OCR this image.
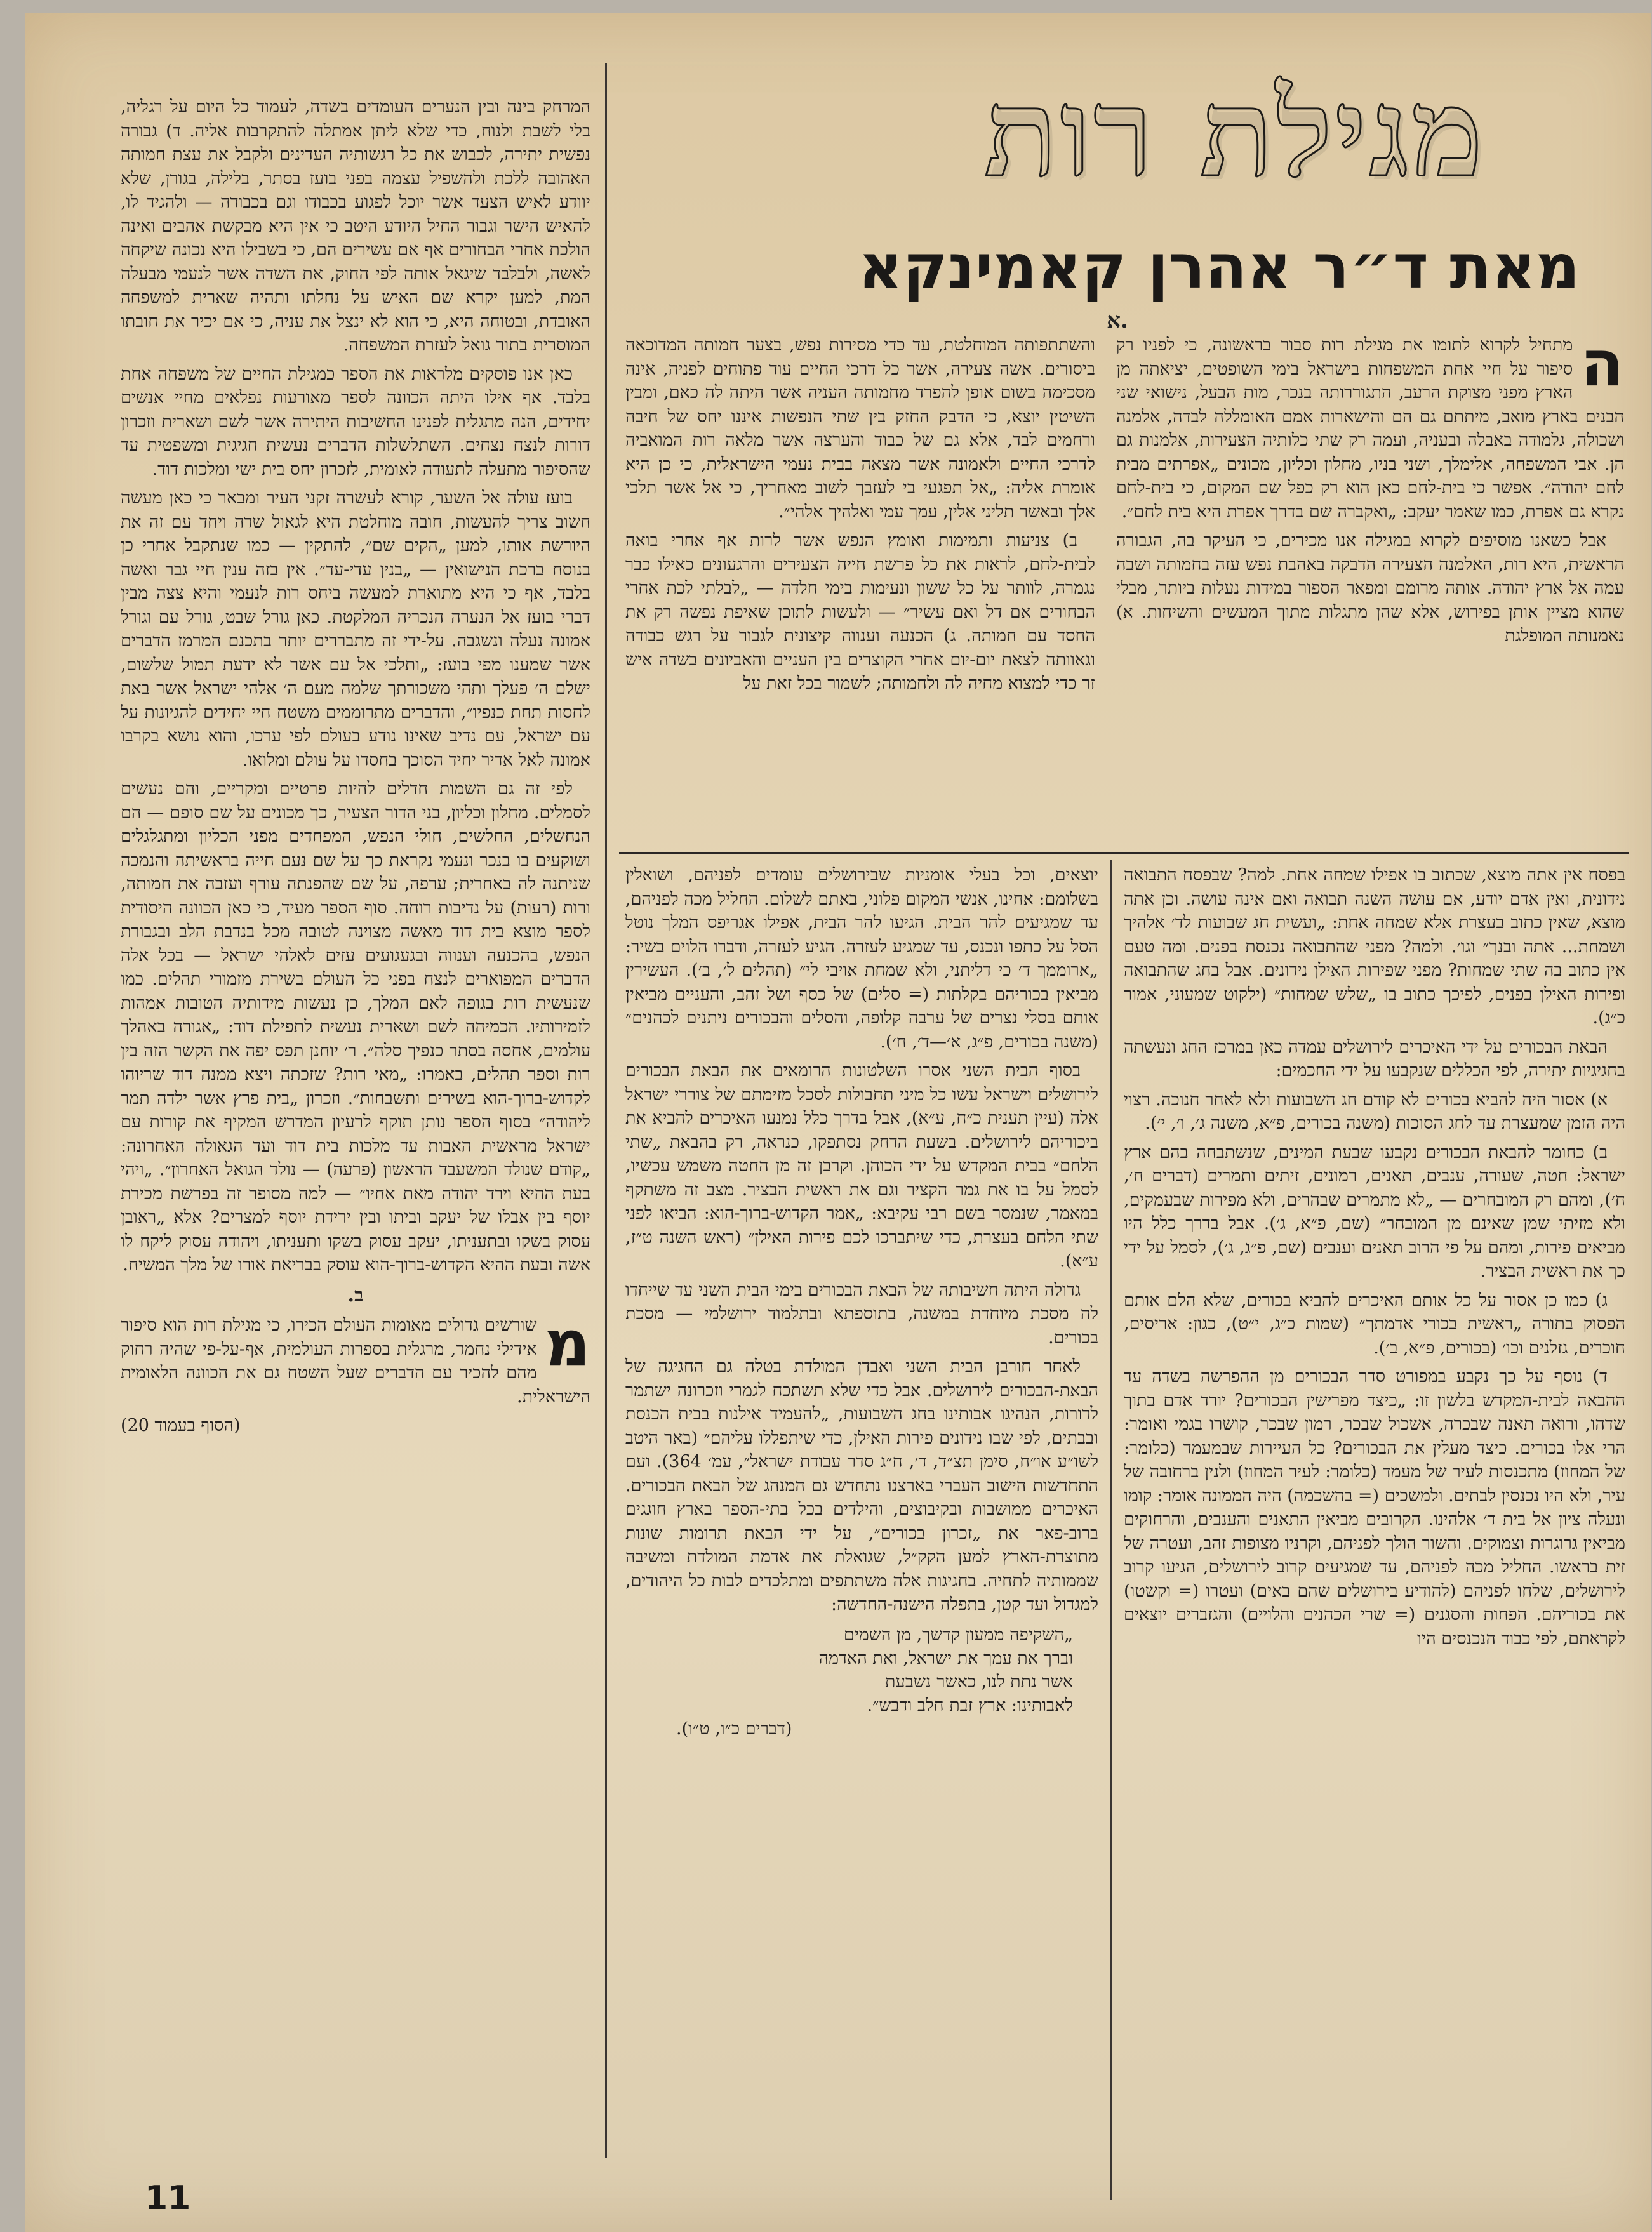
מגילת רות
מאת ד״ר אהרן קאמינקא
א.

ה
מתחיל לקרוא לתומו את מגילת רות סבור בראשונה, כי לפניו רק סיפור על חיי אחת המשפחות בישראל בימי השופטים, יציאתה מן הארץ מפני מצוקת הרעב, התגוררותה בנכר, מות הבעל, נישואי שני הבנים בארץ מואב, מיתתם גם הם והישארות אמם האומללה לבדה, אלמנה ושכולה, גלמודה באבלה ובעניה, ועמה רק שתי כלותיה הצעירות, אלמנות גם הן. אבי המשפחה, אלימלך, ושני בניו, מחלון וכליון, מכונים „אפרתים מבית לחם יהודה״. אפשר כי בית-לחם כאן הוא רק כפל שם המקום, כי בית-לחם נקרא גם אפרת, כמו שאמר יעקב: „ואקברה שם בדרך אפרת היא בית לחם״.

אבל כשאנו מוסיפים לקרוא במגילה אנו מכירים, כי העיקר בה, הגבורה הראשית, היא רות, האלמנה הצעירה הדבקה באהבת נפש עזה בחמותה ושבה עמה אל ארץ יהודה. אותה מרומם ומפאר הספור במידות נעלות ביותר, מבלי שהוא מציין אותן בפירוש, אלא שהן מתגלות מתוך המעשים והשיחות. א) נאמנותה המופלגת

והשתתפותה המוחלטת, עד כדי מסירות נפש, בצער חמותה המדוכאה ביסורים. אשה צעירה, אשר כל דרכי החיים עוד פתוחים לפניה, אינה מסכימה בשום אופן להפרד מחמותה העניה אשר היתה לה כאם, ומבין השיטין יוצא, כי הדבק החזק בין שתי הנפשות איננו יחס של חיבה ורחמים לבד, אלא גם של כבוד והערצה אשר מלאה רות המואביה לדרכי החיים ולאמונה אשר מצאה בבית נעמי הישראלית, כי כן היא אומרת אליה: „אל תפגעי בי לעזבך לשוב מאחריך, כי אל אשר תלכי אלך ובאשר תליני אלין, עמך עמי ואלהיך אלהי״.

ב) צניעות ותמימות ואומץ הנפש אשר לרות אף אחרי בואה לבית-לחם, לראות את כל פרשת חייה הצעירים והרגעונים כאילו כבר נגמרה, לוותר על כל ששון ונעימות בימי חלדה — „לבלתי לכת אחרי הבחורים אם דל ואם עשיר״ — ולעשות לתוכן שאיפת נפשה רק את החסד עם חמותה. ג) הכנעה וענווה קיצונית לגבור על רגש כבודה וגאוותה לצאת יום-יום אחרי הקוצרים בין העניים והאביונים בשדה איש זר כדי למצוא מחיה לה ולחמותה; לשמור בכל זאת על

המרחק בינה ובין הנערים העומדים בשדה, לעמוד כל היום על רגליה, בלי לשבת ולנוח, כדי שלא ליתן אמתלה להתקרבות אליה. ד) גבורה נפשית יתירה, לכבוש את כל רגשותיה העדינים ולקבל את עצת חמותה האהובה ללכת ולהשפיל עצמה בפני בועז בסתר, בלילה, בגורן, שלא יוודע לאיש הצעד אשר יוכל לפגוע בכבודו וגם בכבודה — ולהגיד לו, להאיש הישר וגבור החיל היודע היטב כי אין היא מבקשת אהבים ואינה הולכת אחרי הבחורים אף אם עשירים הם, כי בשבילו היא נכונה שיקחה לאשה, ולבלבד שיגאל אותה לפי החוק, את השדה אשר לנעמי מבעלה המת, למען יקרא שם האיש על נחלתו ותהיה שארית למשפחה האובדת, ובטוחה היא, כי הוא לא ינצל את עניה, כי אם יכיר את חובתו המוסרית בתור גואל לעזרת המשפחה.

כאן אנו פוסקים מלראות את הספר כמגילת החיים של משפחה אחת בלבד. אף אילו היתה הכוונה לספר מאורעות נפלאים מחיי אנשים יחידים, הנה מתגלית לפנינו החשיבות היתירה אשר לשם ושארית וזכרון דורות לנצח נצחים. השתלשלות הדברים נעשית חגיגית ומשפטית עד שהסיפור מתעלה לתעודה לאומית, לזכרון יחס בית ישי ומלכות דוד.

בועז עולה אל השער, קורא לעשרה זקני העיר ומבאר כי כאן מעשה חשוב צריך להעשות, חובה מוחלטת היא לגאול שדה ויחד עם זה את היורשת אותו, למען „הקים שם״, להתקין — כמו שנתקבל אחרי כן בנוסח ברכת הנישואין — „בנין עדי-עד״. אין בזה ענין חיי גבר ואשה בלבד, אף כי היא מתוארת למעשה ביחס רות לנעמי והיא צצה מבין דברי בועז אל הנערה הנכריה המלקטת. כאן גורל שבט, גורל עם וגורל אמונה נעלה ונשגבה. על-ידי זה מתבררים יותר בתכנם המרמז הדברים אשר שמענו מפי בועז: „ותלכי אל עם אשר לא ידעת תמול שלשום, ישלם ה׳ פעלך ותהי משכורתך שלמה מעם ה׳ אלהי ישראל אשר באת לחסות תחת כנפיו״, והדברים מתרוממים משטח חיי יחידים להגיונות על עם ישראל, עם נדיב שאינו נודע בעולם לפי ערכו, והוא נושא בקרבו אמונה לאל אדיר יחיד הסוכך בחסדו על עולם ומלואו.

לפי זה גם השמות חדלים להיות פרטיים ומקריים, והם נעשים לסמלים. מחלון וכליון, בני הדור הצעיר, כך מכונים על שם סופם — הם הנחשלים, החלשים, חולי הנפש, המפחדים מפני הכליון ומתגלגלים ושוקעים בו בנכר ונעמי נקראת כך על שם נעם חייה בראשיתה והנמכה שניתנה לה באחרית; ערפה, על שם שהפנתה עורף ועזבה את חמותה, ורות (רעות) על נדיבות רוחה. סוף הספר מעיד, כי כאן הכוונה היסודית לספר מוצא בית דוד מאשה מצוינה לטובה מכל בנדבת הלב ובגבורת הנפש, בהכנעה וענווה ובגעגועים עזים לאלהי ישראל — בכל אלה הדברים המפוארים לנצח בפני כל העולם בשירת מזמורי תהלים. כמו שנעשית רות בגופה לאם המלך, כן נעשות מידותיה הטובות אמהות לזמירותיו. הכמיהה לשם ושארית נעשית לתפילת דוד: „אגורה באהלך עולמים, אחסה בסתר כנפיך סלה״. ר׳ יוחנן תפס יפה את הקשר הזה בין רות וספר תהלים, באמרו: „מאי רות? שזכתה ויצא ממנה דוד שריוהו לקדוש-ברוך-הוא בשירים ותשבחות״. וזכרון „בית פרץ אשר ילדה תמר ליהודה״ בסוף הספר נותן תוקף לרעיון המדרש המקיף את קורות עם ישראל מראשית האבות עד מלכות בית דוד ועד הגאולה האחרונה: „קודם שנולד המשעבד הראשון (פרעה) — נולד הגואל האחרון״. „ויהי בעת ההיא וירד יהודה מאת אחיו״ — למה מסופר זה בפרשת מכירת יוסף בין אבלו של יעקב וביתו ובין ירידת יוסף למצרים? אלא „ראובן עסוק בשקו ובתעניתו, יעקב עסוק בשקו ותעניתו, ויהודה עסוק ליקח לו אשה ובעת ההיא הקדוש-ברוך-הוא עוסק בבריאת אורו של מלך המשיח.

ב.

מ
שורשים גדולים מאומות העולם הכירו, כי מגילת רות הוא סיפור אידילי נחמד, מרגלית בספרות העולמית, אף-על-פי שהיה רחוק מהם להכיר עם הדברים שעל השטח גם את הכוונה הלאומית הישראלית.

(הסוף בעמוד 20)

בפסח אין אתה מוצא, שכתוב בו אפילו שמחה אחת. למה? שבפסח התבואה נידונית, ואין אדם יודע, אם עושה השנה תבואה ואם אינה עושה. וכן אתה מוצא, שאין כתוב בעצרת אלא שמחה אחת: „ועשית חג שבועות לד׳ אלהיך ושמחת... אתה ובנך״ וגו׳. ולמה? מפני שהתבואה נכנסת בפנים. ומה טעם אין כתוב בה שתי שמחות? מפני שפירות האילן נידונים. אבל בחג שהתבואה ופירות האילן בפנים, לפיכך כתוב בו „שלש שמחות״ (ילקוט שמעוני, אמור כ״ג).

הבאת הבכורים על ידי האיכרים לירושלים עמדה כאן במרכז החג ונעשתה בחגיגיות יתירה, לפי הכללים שנקבעו על ידי החכמים:

א) אסור היה להביא בכורים לא קודם חג השבועות ולא לאחר חנוכה. רצוי היה הזמן שמעצרת עד לחג הסוכות (משנה בכורים, פ״א, משנה ג׳, ו׳, י׳).

ב) כחומר להבאת הבכורים נקבעו שבעת המינים, שנשתבחה בהם ארץ ישראל: חטה, שעורה, ענבים, תאנים, רמונים, זיתים ותמרים (דברים ח׳, ח׳), ומהם רק המובחרים — „לא מתמרים שבהרים, ולא מפירות שבעמקים, ולא מזיתי שמן שאינם מן המובחר״ (שם, פ״א, ג׳). אבל בדרך כלל היו מביאים פירות, ומהם על פי הרוב תאנים וענבים (שם, פ״ג, ג׳), לסמל על ידי כך את ראשית הבציר.

ג) כמו כן אסור על כל אותם האיכרים להביא בכורים, שלא הלם אותם הפסוק בתורה „ראשית בכורי אדמתך״ (שמות כ״ג, י״ט), כגון: אריסים, חוכרים, גזלנים וכו׳ (בכורים, פ״א, ב׳).

ד) נוסף על כך נקבע במפורט סדר הבכורים מן ההפרשה בשדה עד ההבאה לבית-המקדש בלשון זו: „כיצד מפרישין הבכורים? יורד אדם בתוך שדהו, ורואה תאנה שבכרה, אשכול שבכר, רמון שבכר, קושרו בגמי ואומר: הרי אלו בכורים. כיצד מעלין את הבכורים? כל העיירות שבמעמד (כלומר: של המחוז) מתכנסות לעיר של מעמד (כלומר: לעיר המחוז) ולנין ברחובה של עיר, ולא היו נכנסין לבתים. ולמשכים (= בהשכמה) היה הממונה אומר: קומו ונעלה ציון אל בית ד׳ אלהינו. הקרובים מביאין התאנים והענבים, והרחוקים מביאין גרוגרות וצמוקים. והשור הולך לפניהם, וקרניו מצופות זהב, ועטרה של זית בראשו. החליל מכה לפניהם, עד שמגיעים קרוב לירושלים, הגיעו קרוב לירושלים, שלחו לפניהם (להודיע בירושלים שהם באים) ועטרו (= וקשטו) את בכוריהם. הפחות והסגנים (= שרי הכהנים והלויים) והגזברים יוצאים לקראתם, לפי כבוד הנכנסים היו

יוצאים, וכל בעלי אומניות שבירושלים עומדים לפניהם, ושואלין בשלומם: אחינו, אנשי המקום פלוני, באתם לשלום. החליל מכה לפניהם, עד שמגיעים להר הבית. הגיעו להר הבית, אפילו אגריפס המלך נוטל הסל על כתפו ונכנס, עד שמגיע לעזרה. הגיע לעזרה, ודברו הלוים בשיר: „ארוממך ד׳ כי דליתני, ולא שמחת אויבי לי״ (תהלים ל׳, ב׳). העשירין מביאין בכוריהם בקלתות (= סלים) של כסף ושל זהב, והעניים מביאין אותם בסלי נצרים של ערבה קלופה, והסלים והבכורים ניתנים לכהנים״ (משנה בכורים, פ״ג, א׳—ד׳, ח׳).

בסוף הבית השני אסרו השלטונות הרומאים את הבאת הבכורים לירושלים וישראל עשו כל מיני תחבולות לסכל מזימתם של צוררי ישראל אלה (עיין תענית כ״ח, ע״א), אבל בדרך כלל נמנעו האיכרים להביא את ביכוריהם לירושלים. בשעת הדחק נסתפקו, כנראה, רק בהבאת „שתי הלחם״ בבית המקדש על ידי הכוהן. וקרבן זה מן החטה משמש עכשיו, לסמל על בו את גמר הקציר וגם את ראשית הבציר. מצב זה משתקף במאמר, שנמסר בשם רבי עקיבא: „אמר הקדוש-ברוך-הוא: הביאו לפני שתי הלחם בעצרת, כדי שיתברכו לכם פירות האילן״ (ראש השנה ט״ז, ע״א).

גדולה היתה חשיבותה של הבאת הבכורים בימי הבית השני עד שייחדו לה מסכת מיוחדת במשנה, בתוספתא ובתלמוד ירושלמי — מסכת בכורים.

לאחר חורבן הבית השני ואבדן המולדת בטלה גם החגיגה של הבאת-הבכורים לירושלים. אבל כדי שלא תשתכח לגמרי וזכרונה ישתמר לדורות, הנהיגו אבותינו בחג השבועות, „להעמיד אילנות בבית הכנסת ובבתים, לפי שבו נידונים פירות האילן, כדי שיתפללו עליהם״ (באר היטב לשו״ע או״ח, סימן תצ״ד, ד׳, ח״ג סדר עבודת ישראל״, עמ׳ 364). ועם התחדשות הישוב העברי בארצנו נתחדש גם המנהג של הבאת הבכורים. האיכרים ממושבות ובקיבוצים, והילדים בכל בתי-הספר בארץ חוגגים ברוב-פאר את „זכרון בכורים״, על ידי הבאת תרומות שונות מתוצרת-הארץ למען הקק״ל, שגואלת את אדמת המולדת ומשיבה שממותיה לתחיה. בחגיגות אלה משתתפים ומתלכדים לבות כל היהודים, למגדול ועד קטן, בתפלה הישנה-החדשה:

„השקיפה ממעון קדשך, מן השמים
וברך את עמך את ישראל, ואת האדמה
אשר נתת לנו, כאשר נשבעת
לאבותינו: ארץ זבת חלב ודבש״.
(דברים כ״ו, ט״ו).
11
